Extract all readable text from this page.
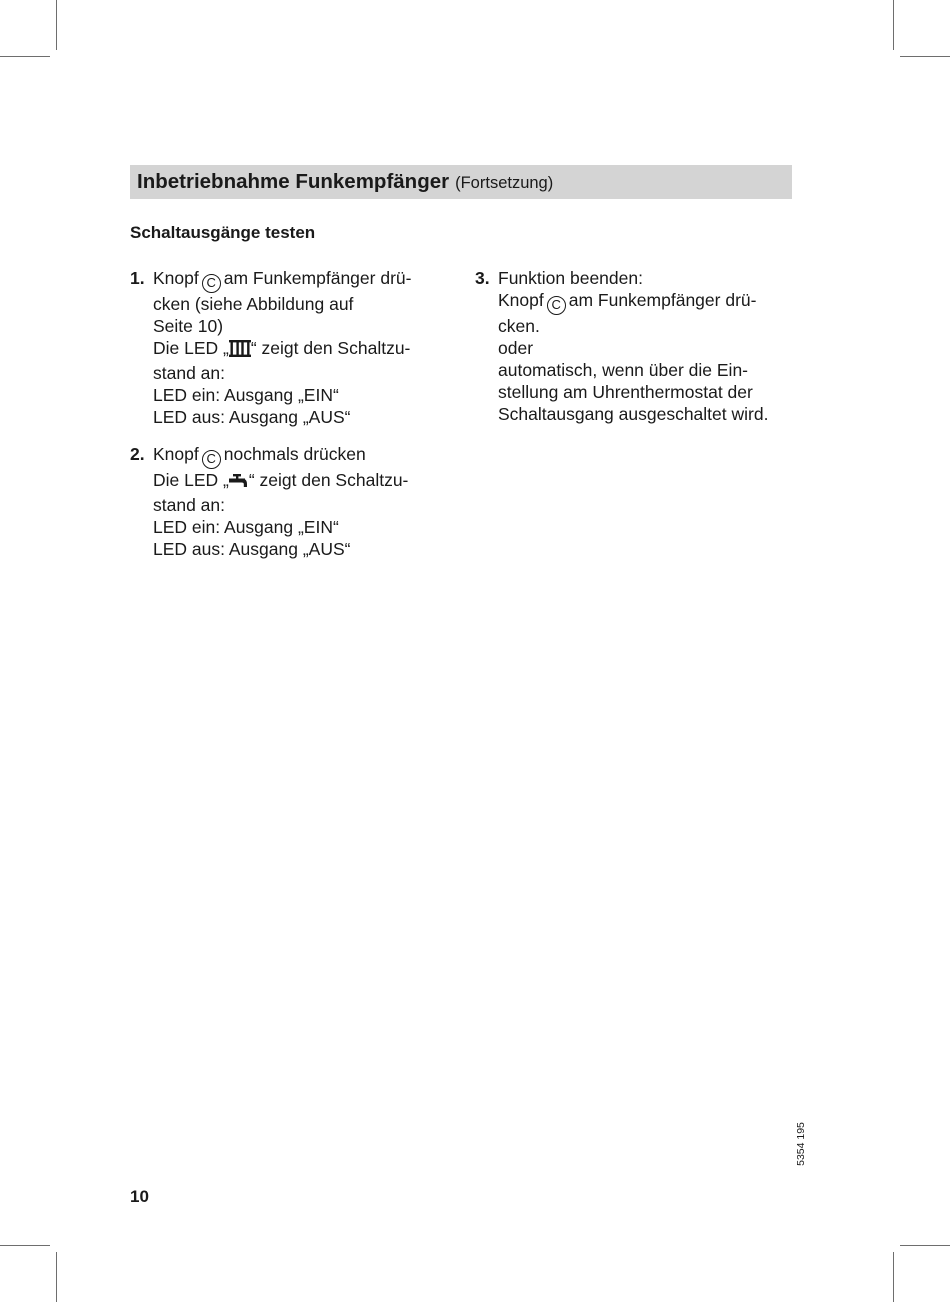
Inbetriebnahme Funkempfänger (Fortsetzung)
Schaltausgänge testen
1. Knopf C am Funkempfänger drü-
cken (siehe Abbildung auf
Seite 10)
Die LED „ “ zeigt den Schaltzu-
stand an:
LED ein: Ausgang „EIN“
LED aus: Ausgang „AUS“
2. Knopf C nochmals drücken
Die LED „ “ zeigt den Schaltzu-
stand an:
LED ein: Ausgang „EIN“
LED aus: Ausgang „AUS“
3. Funktion beenden:
Knopf C am Funkempfänger drü-
cken.
oder
automatisch, wenn über die Ein-
stellung am Uhrenthermostat der
Schaltausgang ausgeschaltet wird.
5354 195
10
